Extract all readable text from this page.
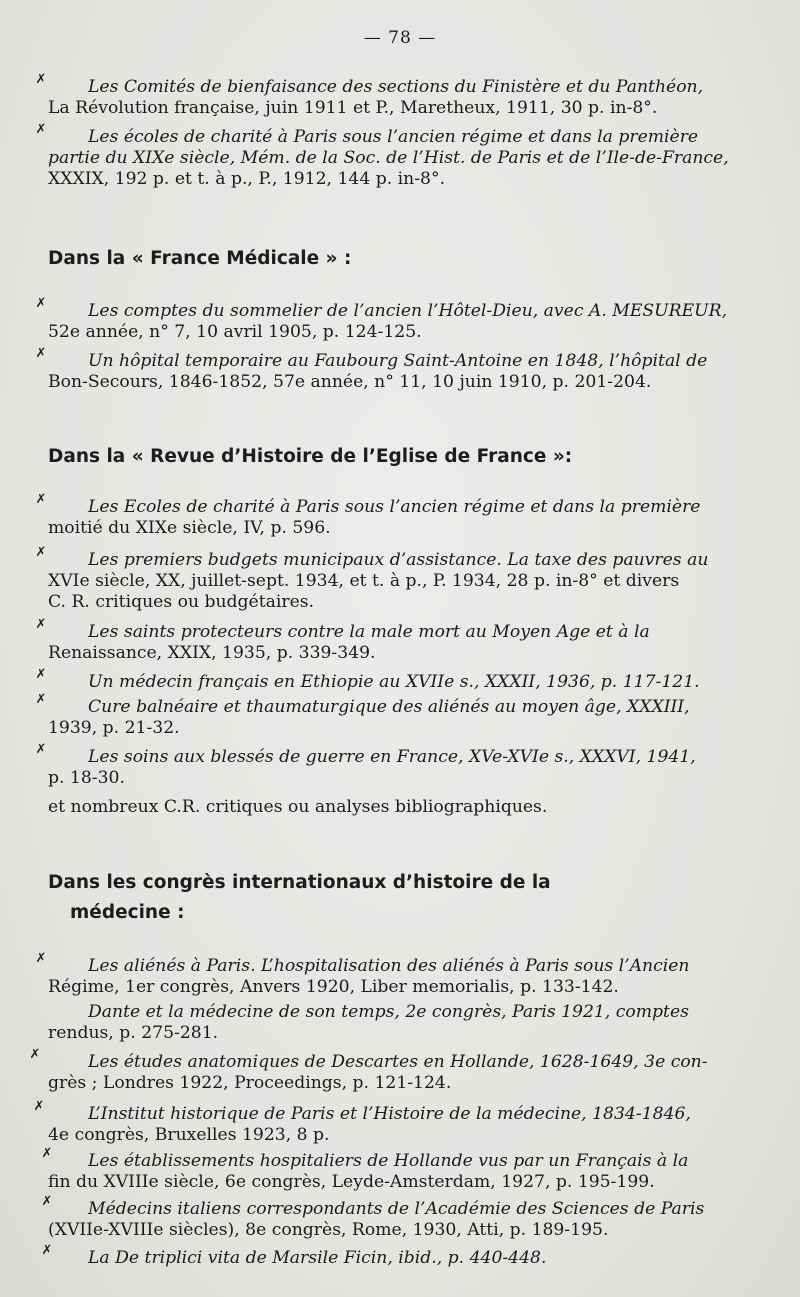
— 78 —
✗	Les Comités de bienfaisance des sections du Finistère et du Panthéon,
La Révolution française, juin 1911 et P., Maretheux, 1911, 30 p. in-8°.
✗	Les écoles de charité à Paris sous l’ancien régime et dans la première
partie du XIXe siècle, Mém. de la Soc. de l’Hist. de Paris et de l’Ile-de-France,
XXXIX, 192 p. et t. à p., P., 1912, 144 p. in-8°.
Dans la « France Médicale » :
✗	Les comptes du sommelier de l’ancien l’Hôtel-Dieu, avec A. MESUREUR,
52e année, n° 7, 10 avril 1905, p. 124-125.
✗	Un hôpital temporaire au Faubourg Saint-Antoine en 1848, l’hôpital de
Bon-Secours, 1846-1852, 57e année, n° 11, 10 juin 1910, p. 201-204.
Dans la « Revue d’Histoire de l’Eglise de France »:
✗	Les Ecoles de charité à Paris sous l’ancien régime et dans la première
moitié du XIXe siècle, IV, p. 596.
✗	Les premiers budgets municipaux d’assistance. La taxe des pauvres au
XVIe siècle, XX, juillet-sept. 1934, et t. à p., P. 1934, 28 p. in-8° et divers
C. R. critiques ou budgétaires.
✗	Les saints protecteurs contre la male mort au Moyen Age et à la
Renaissance, XXIX, 1935, p. 339-349.
✗	Un médecin français en Ethiopie au XVIIe s., XXXII, 1936, p. 117-121.
✗	Cure balnéaire et thaumaturgique des aliénés au moyen âge, XXXIII,
1939, p. 21-32.
✗	Les soins aux blessés de guerre en France, XVe-XVIe s., XXXVI, 1941,
p. 18-30.
et nombreux C.R. critiques ou analyses bibliographiques.
Dans les congrès internationaux d’histoire de la
médecine :
✗	Les aliénés à Paris. L’hospitalisation des aliénés à Paris sous l’Ancien
Régime, 1er congrès, Anvers 1920, Liber memorialis, p. 133-142.
Dante et la médecine de son temps, 2e congrès, Paris 1921, comptes
rendus, p. 275-281.
✗	Les études anatomiques de Descartes en Hollande, 1628-1649, 3e con-
grès ; Londres 1922, Proceedings, p. 121-124.
✗	L’Institut historique de Paris et l’Histoire de la médecine, 1834-1846,
4e congrès, Bruxelles 1923, 8 p.
✗	Les établissements hospitaliers de Hollande vus par un Français à la
fin du XVIIIe siècle, 6e congrès, Leyde-Amsterdam, 1927, p. 195-199.
✗	Médecins italiens correspondants de l’Académie des Sciences de Paris
(XVIIe-XVIIIe siècles), 8e congrès, Rome, 1930, Atti, p. 189-195.
✗	La De triplici vita de Marsile Ficin, ibid., p. 440-448.
